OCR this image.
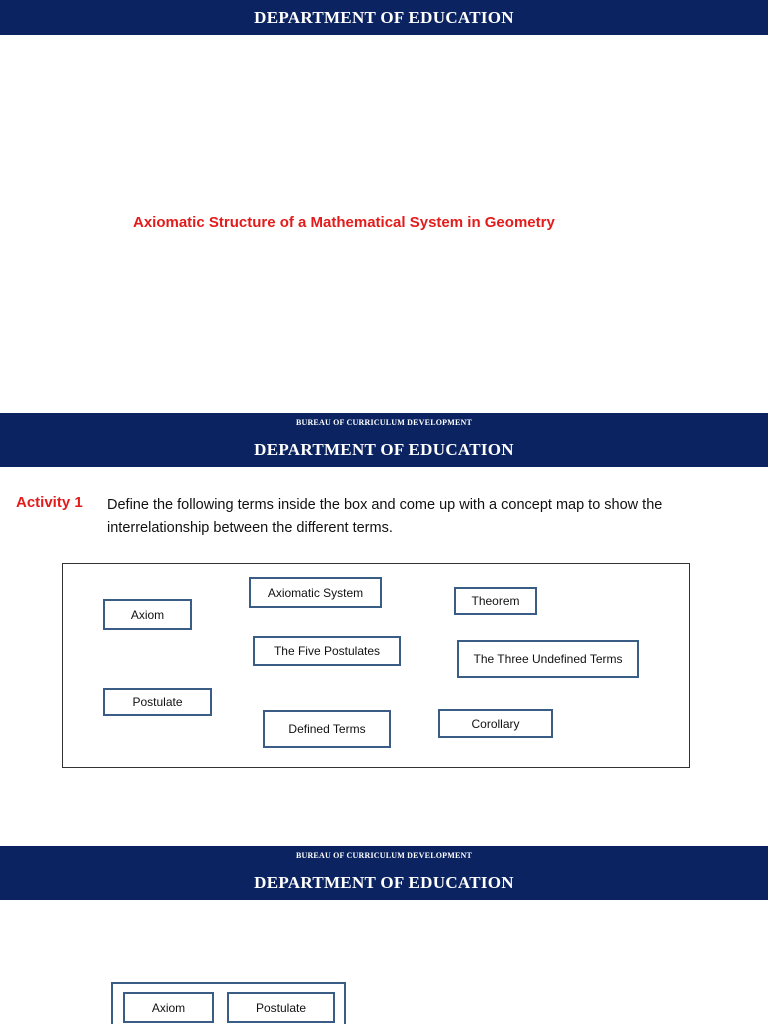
DEPARTMENT OF EDUCATION
Axiomatic Structure of a Mathematical System in Geometry
BUREAU OF CURRICULUM DEVELOPMENT
DEPARTMENT OF EDUCATION
Activity 1 Define the following terms inside the box and come up with a concept map to show the interrelationship between the different terms.
Axiom
Axiomatic System
Theorem
The Five Postulates
The Three Undefined Terms
Postulate
Defined Terms	Corollary
BUREAU OF CURRICULUM DEVELOPMENT
DEPARTMENT OF EDUCATION
Axiom	Postulate
